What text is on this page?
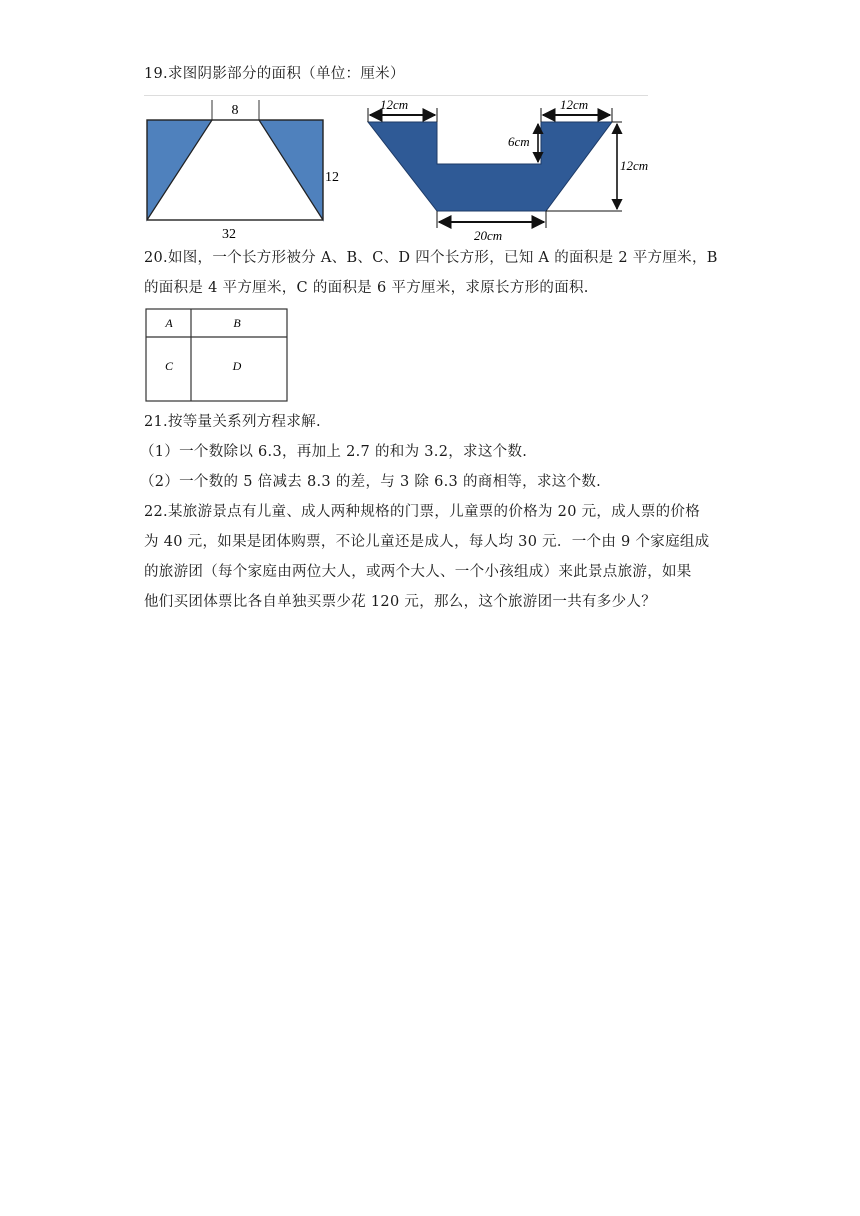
19.求图阴影部分的面积（单位：厘米）
8
12
32
12cm	12cm
6cm
12cm
20cm
20.如图，一个长方形被分 A、B、C、D 四个长方形，已知 A 的面积是 2 平方厘米，B
的面积是 4 平方厘米，C 的面积是 6 平方厘米，求原长方形的面积.
A	B
C	D
21.按等量关系列方程求解.
（1）一个数除以 6.3，再加上 2.7 的和为 3.2，求这个数.
（2）一个数的 5 倍减去 8.3 的差，与 3 除 6.3 的商相等，求这个数.
22.某旅游景点有儿童、成人两种规格的门票，儿童票的价格为 20 元，成人票的价格
为 40 元，如果是团体购票，不论儿童还是成人，每人均 30 元．一个由 9 个家庭组成
的旅游团（每个家庭由两位大人，或两个大人、一个小孩组成）来此景点旅游，如果
他们买团体票比各自单独买票少花 120 元，那么，这个旅游团一共有多少人？
